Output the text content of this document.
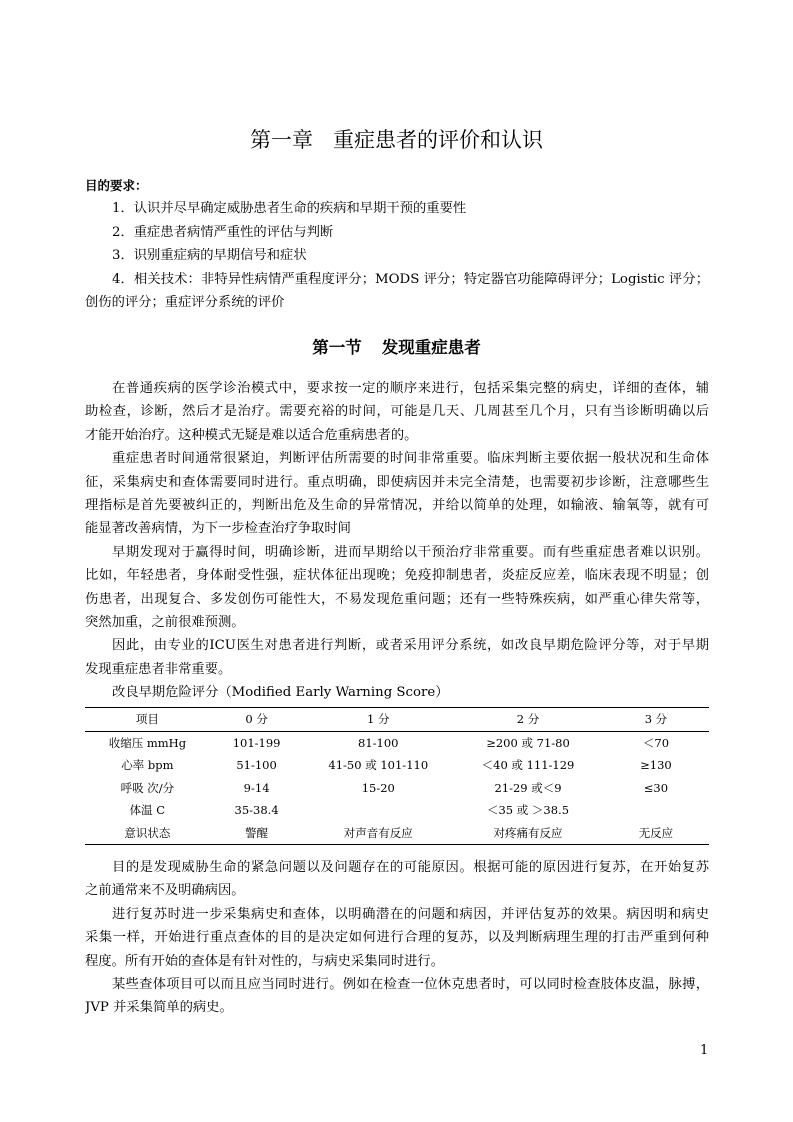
第一章 重症患者的评价和认识
目的要求：
1．认识并尽早确定威胁患者生命的疾病和早期干预的重要性
2．重症患者病情严重性的评估与判断
3．识别重症病的早期信号和症状
4．相关技术：非特异性病情严重程度评分；MODS 评分；特定器官功能障碍评分；Logistic 评分；
创伤的评分；重症评分系统的评价
第一节 发现重症患者
在普通疾病的医学诊治模式中，要求按一定的顺序来进行，包括采集完整的病史，详细的查体，辅
助检查，诊断，然后才是治疗。需要充裕的时间，可能是几天、几周甚至几个月，只有当诊断明确以后
才能开始治疗。这种模式无疑是难以适合危重病患者的。
重症患者时间通常很紧迫，判断评估所需要的时间非常重要。临床判断主要依据一般状况和生命体
征，采集病史和查体需要同时进行。重点明确，即使病因并未完全清楚，也需要初步诊断，注意哪些生
理指标是首先要被纠正的，判断出危及生命的异常情况，并给以简单的处理，如输液、输氧等，就有可
能显著改善病情，为下一步检查治疗争取时间
早期发现对于赢得时间，明确诊断，进而早期给以干预治疗非常重要。而有些重症患者难以识别。
比如，年轻患者，身体耐受性强，症状体征出现晚；免疫抑制患者，炎症反应差，临床表现不明显；创
伤患者，出现复合、多发创伤可能性大，不易发现危重问题；还有一些特殊疾病，如严重心律失常等，
突然加重，之前很难预测。
因此，由专业的ICU医生对患者进行判断，或者采用评分系统，如改良早期危险评分等，对于早期
发现重症患者非常重要。
改良早期危险评分（Modified Early Warning Score）
项目	0 分	1 分	2 分	3 分
收缩压 mmHg	101-199	81-100	≥200 或 71-80	＜70
心率 bpm	51-100	41-50 或 101-110	＜40 或 111-129	≥130
呼吸 次/分	9-14	15-20	21-29 或＜9	≤30
体温 C	35-38.4		＜35 或 ＞38.5	
意识状态	警醒	对声音有反应	对疼痛有反应	无反应
目的是发现威胁生命的紧急问题以及问题存在的可能原因。根据可能的原因进行复苏，在开始复苏
之前通常来不及明确病因。
进行复苏时进一步采集病史和查体，以明确潜在的问题和病因，并评估复苏的效果。病因明和病史
采集一样，开始进行重点查体的目的是决定如何进行合理的复苏，以及判断病理生理的打击严重到何种
程度。所有开始的查体是有针对性的，与病史采集同时进行。
某些查体项目可以而且应当同时进行。例如在检查一位休克患者时，可以同时检查肢体皮温，脉搏，
JVP 并采集简单的病史。
1
